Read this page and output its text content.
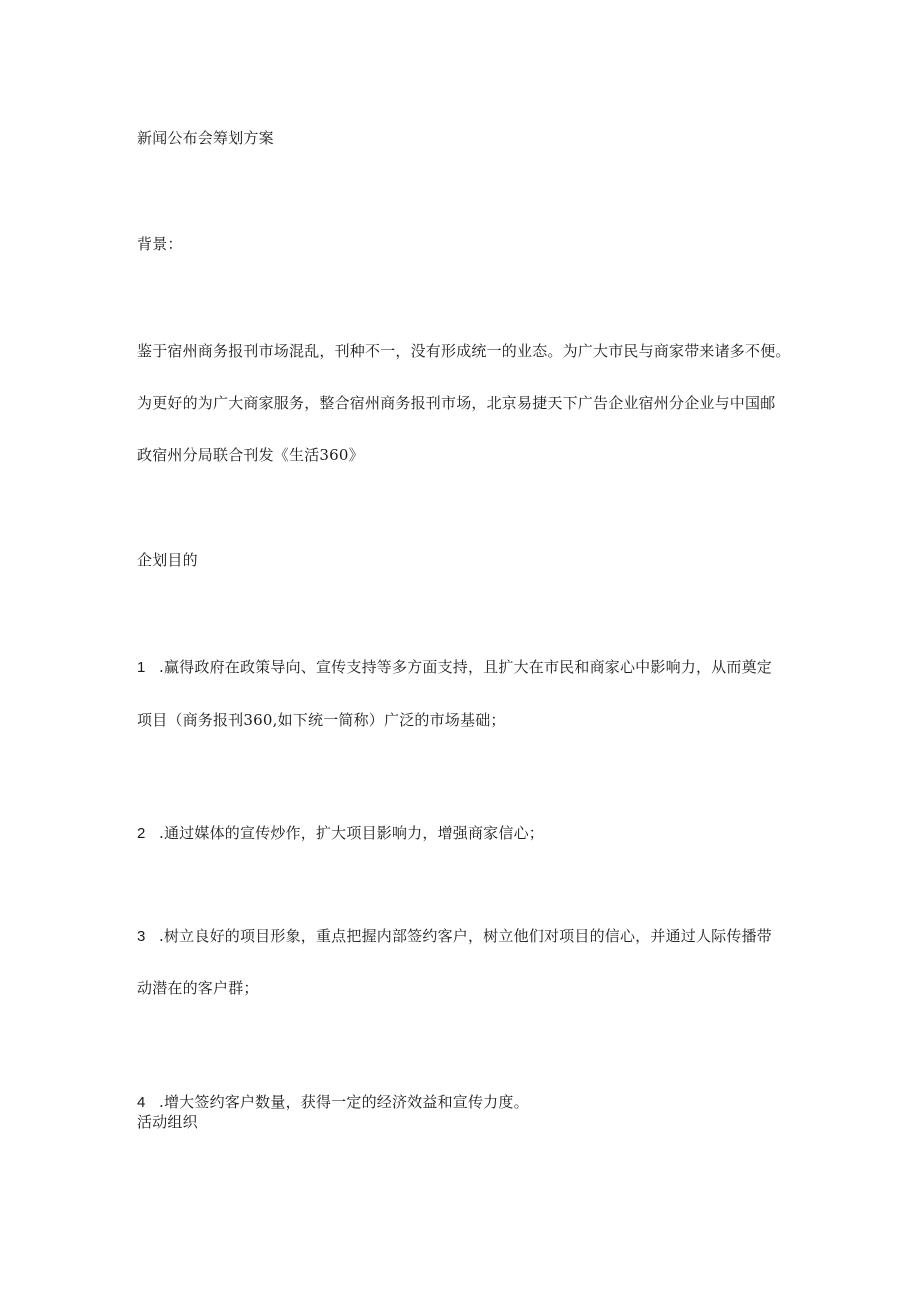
新闻公布会筹划方案
背景：

鉴于宿州商务报刊市场混乱，刊种不一，没有形成统一的业态。为广大市民与商家带来诸多不便。

为更好的为广大商家服务，整合宿州商务报刊市场，北京易捷天下广告企业宿州分企业与中国邮

政宿州分局联合刊发《生活360》

企划目的

1 .赢得政府在政策导向、宣传支持等多方面支持，且扩大在市民和商家心中影响力，从而奠定

项目（商务报刊360,如下统一简称）广泛的市场基础；

2 .通过媒体的宣传炒作，扩大项目影响力，增强商家信心；

3 .树立良好的项目形象，重点把握内部签约客户，树立他们对项目的信心，并通过人际传播带

动潜在的客户群；

4 .增大签约客户数量，获得一定的经济效益和宣传力度。

活动组织
